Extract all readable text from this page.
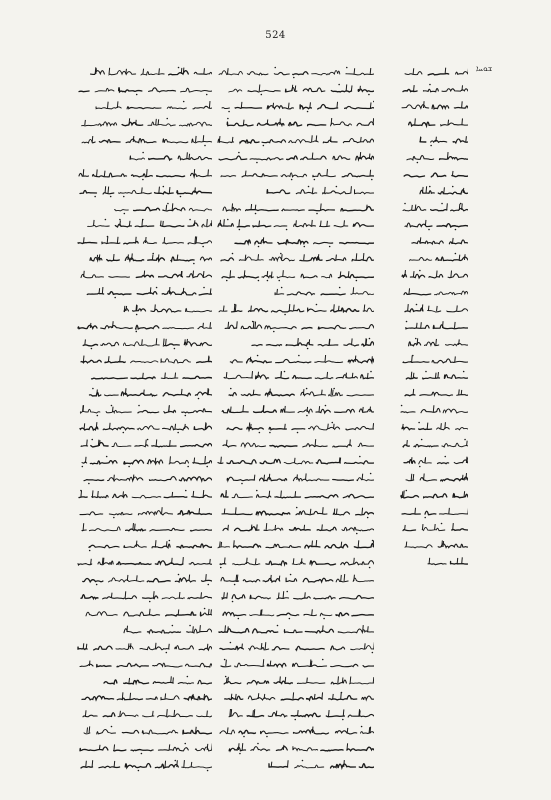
524
ܫܘܚܐ
